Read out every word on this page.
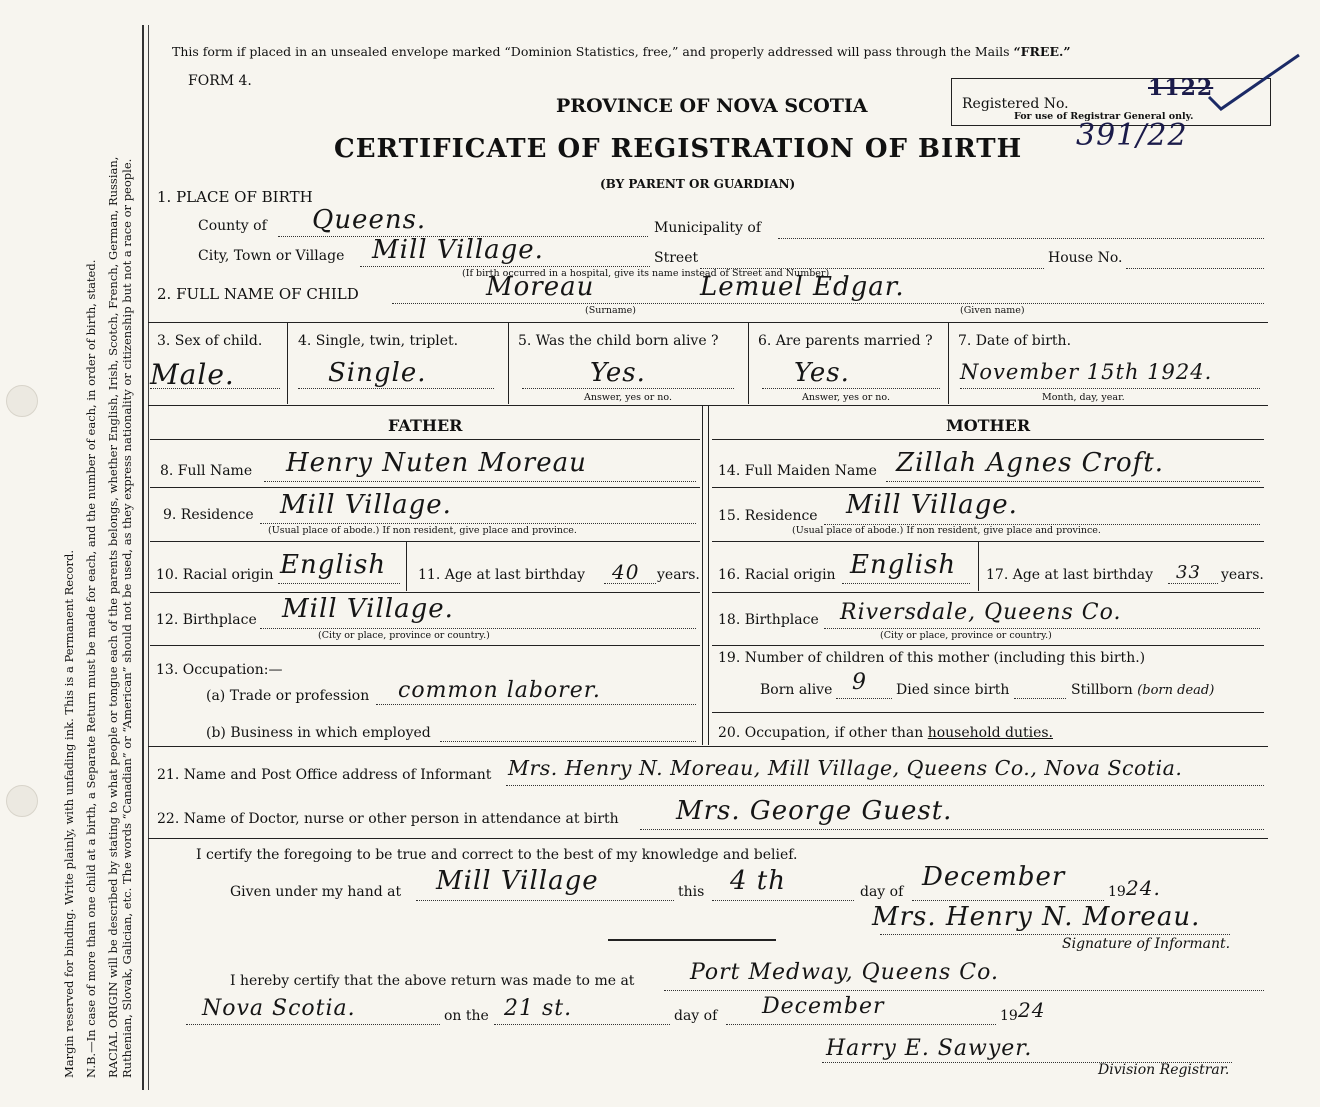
Margin reserved for binding. Write plainly, with unfading ink. This is a Permanent Record. N.B.—In case of more than one child at a birth, a Separate Return must be made for each, and the number of each, in order of birth, stated. RACIAL ORIGIN will be described by stating to what people or tongue each of the parents belongs, whether English, Irish, Scotch, French, German, Russian, Ruthenian, Slovak, Galician, etc. The words “Canadian” or “American” should not be used, as they express nationality or citizenship but not a race or people.
This form if placed in an unsealed envelope marked “Dominion Statistics, free,” and properly addressed will pass through the Mails “FREE.”
FORM 4.
PROVINCE OF NOVA SCOTIA	Registered No.
For use of Registrar General only.
1122
CERTIFICATE OF REGISTRATION OF BIRTH 391/22
(BY PARENT OR GUARDIAN)
1. PLACE OF BIRTH
County of Queens.	Municipality of
City, Town or Village Mill Village.	Street	House No.
(If birth occurred in a hospital, give its name instead of Street and Number)
2. FULL NAME OF CHILD	Moreau	Lemuel Edgar.
(Surname)	(Given name)
3. Sex of child.
Male.
4. Single, twin, triplet.
Single.
5. Was the child born alive ?
Yes.
Answer, yes or no.
6. Are parents married ?
Yes.
Answer, yes or no.
7. Date of birth.
November 15th 1924.
Month, day, year.
FATHER	MOTHER
8. Full Name Henry Nuten Moreau	14. Full Maiden Name Zillah Agnes Croft.
9. Residence Mill Village.
(Usual place of abode.) If non resident, give place and province.
15. Residence Mill Village.
(Usual place of abode.) If non resident, give place and province.
10. Racial origin English 11. Age at last birthday 40 years. 16. Racial origin English 17. Age at last birthday 33 years.
12. Birthplace Mill Village.
(City or place, province or country.)
18. Birthplace Riversdale, Queens Co.
(City or place, province or country.)
13. Occupation:—
(a) Trade or profession common laborer.
(b) Business in which employed
19. Number of children of this mother (including this birth.)
Born alive 9 Died since birth	Stillborn (born dead)
20. Occupation, if other than household duties.
21. Name and Post Office address of Informant Mrs. Henry N. Moreau, Mill Village, Queens Co., Nova Scotia.
22. Name of Doctor, nurse or other person in attendance at birth Mrs. George Guest.
I certify the foregoing to be true and correct to the best of my knowledge and belief.
Given under my hand at Mill Village	this 4 th	day of December	19 24.
Mrs. Henry N. Moreau.
Signature of Informant.
I hereby certify that the above return was made to me at	Port Medway, Queens Co.
Nova Scotia.	on the 21 st.	day of December	19 24
Harry E. Sawyer.
Division Registrar.
